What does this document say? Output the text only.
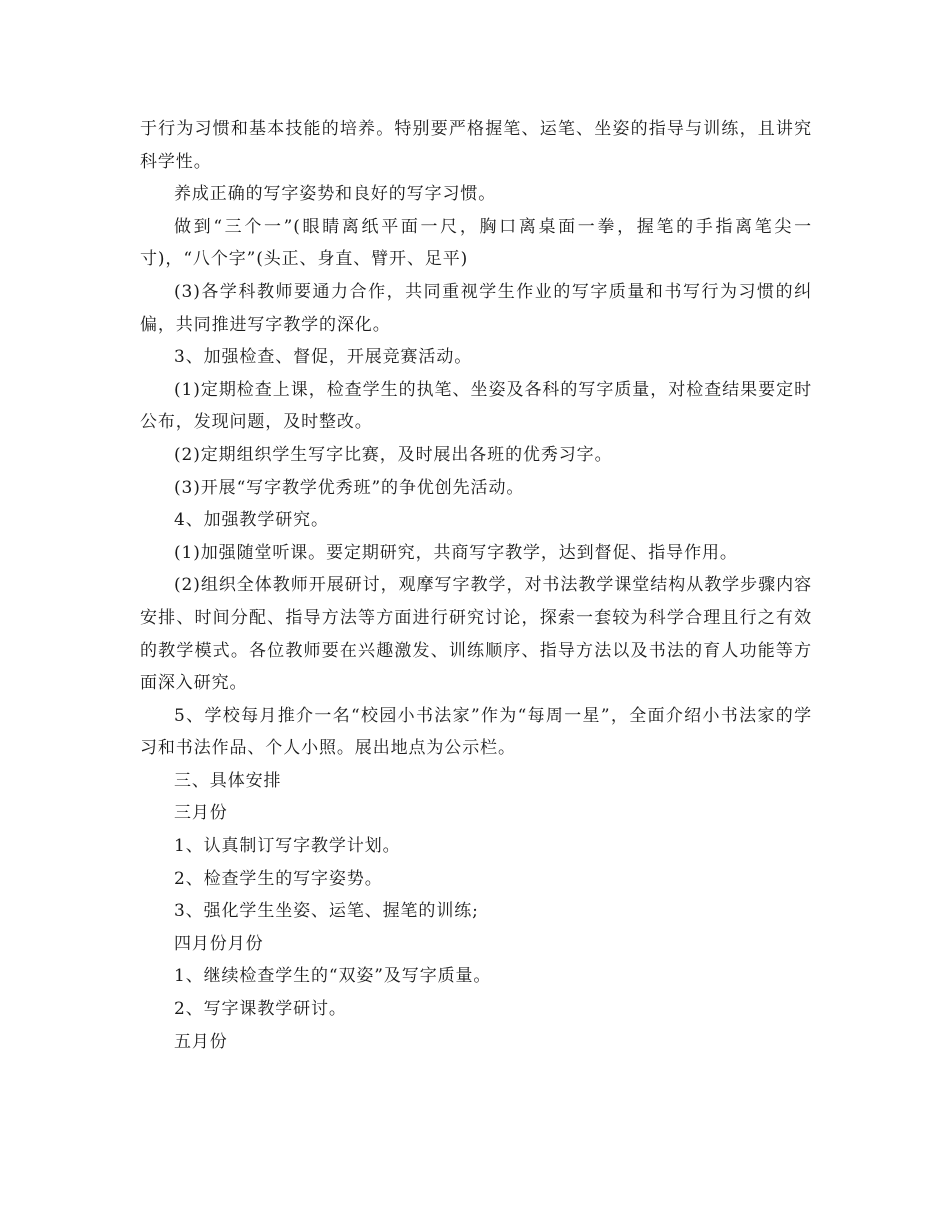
于行为习惯和基本技能的培养。特别要严格握笔、运笔、坐姿的指导与训练，且讲究科学性。

养成正确的写字姿势和良好的写字习惯。

做到“三个一”(眼睛离纸平面一尺，胸口离桌面一拳，握笔的手指离笔尖一寸)，“八个字”(头正、身直、臂开、足平)

(3)各学科教师要通力合作，共同重视学生作业的写字质量和书写行为习惯的纠偏，共同推进写字教学的深化。

3、加强检查、督促，开展竞赛活动。

(1)定期检查上课，检查学生的执笔、坐姿及各科的写字质量，对检查结果要定时公布，发现问题，及时整改。

(2)定期组织学生写字比赛，及时展出各班的优秀习字。

(3)开展“写字教学优秀班”的争优创先活动。

4、加强教学研究。

(1)加强随堂听课。要定期研究，共商写字教学，达到督促、指导作用。

(2)组织全体教师开展研讨，观摩写字教学，对书法教学课堂结构从教学步骤内容安排、时间分配、指导方法等方面进行研究讨论，探索一套较为科学合理且行之有效的教学模式。各位教师要在兴趣激发、训练顺序、指导方法以及书法的育人功能等方面深入研究。

5、学校每月推介一名“校园小书法家”作为“每周一星”，全面介绍小书法家的学习和书法作品、个人小照。展出地点为公示栏。

三、具体安排

三月份

1、认真制订写字教学计划。

2、检查学生的写字姿势。

3、强化学生坐姿、运笔、握笔的训练;

四月份月份

1、继续检查学生的“双姿”及写字质量。

2、写字课教学研讨。

五月份
